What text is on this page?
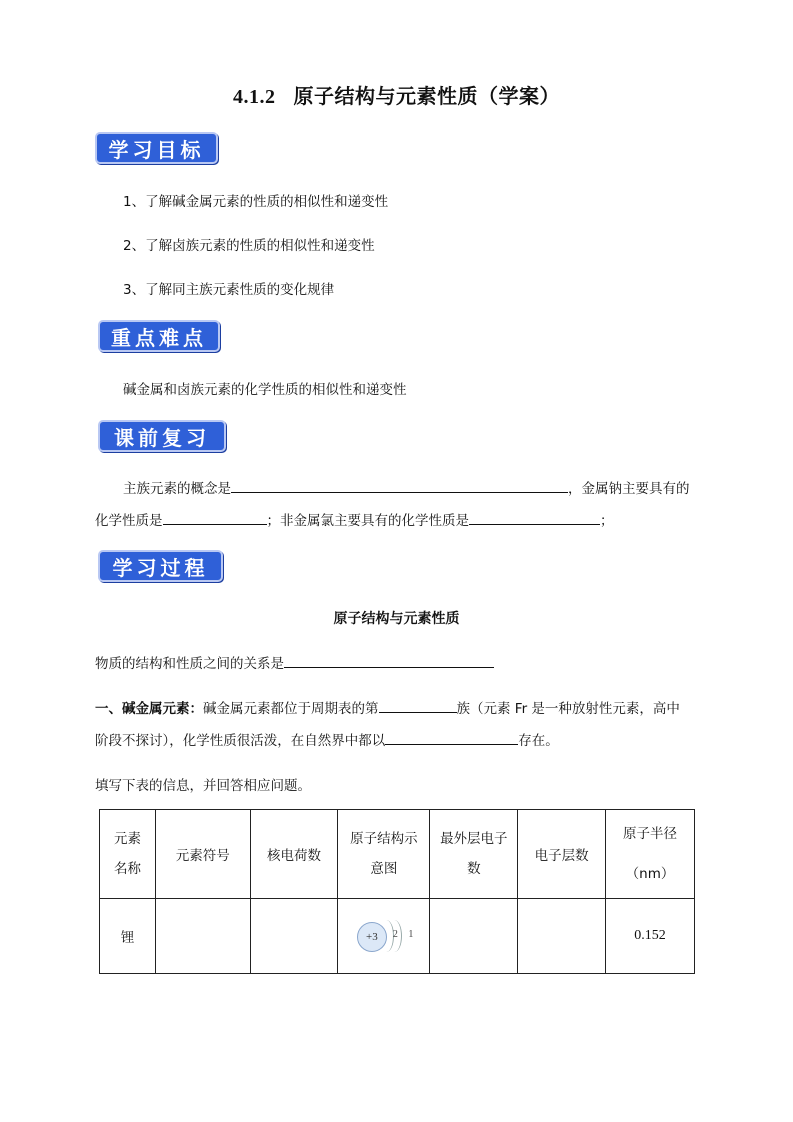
4.1.2 原子结构与元素性质（学案）
学习目标
1、了解碱金属元素的性质的相似性和递变性
2、了解卤族元素的性质的相似性和递变性
3、了解同主族元素性质的变化规律
重点难点
碱金属和卤族元素的化学性质的相似性和递变性
课前复习
主族元素的概念是	，金属钠主要具有的
化学性质是	；非金属氯主要具有的化学性质是	；
学习过程
原子结构与元素性质
物质的结构和性质之间的关系是
一、碱金属元素：碱金属元素都位于周期表的第	族（元素 Fr 是一种放射性元素，高中
阶段不探讨），化学性质很活泼，在自然界中都以	存在。
填写下表的信息，并回答相应问题。
元素名称	元素符号	核电荷数	原子结构示意图	最外层电子数	电子层数	原子半径（nm）

锂			+3 2 1			0.152
